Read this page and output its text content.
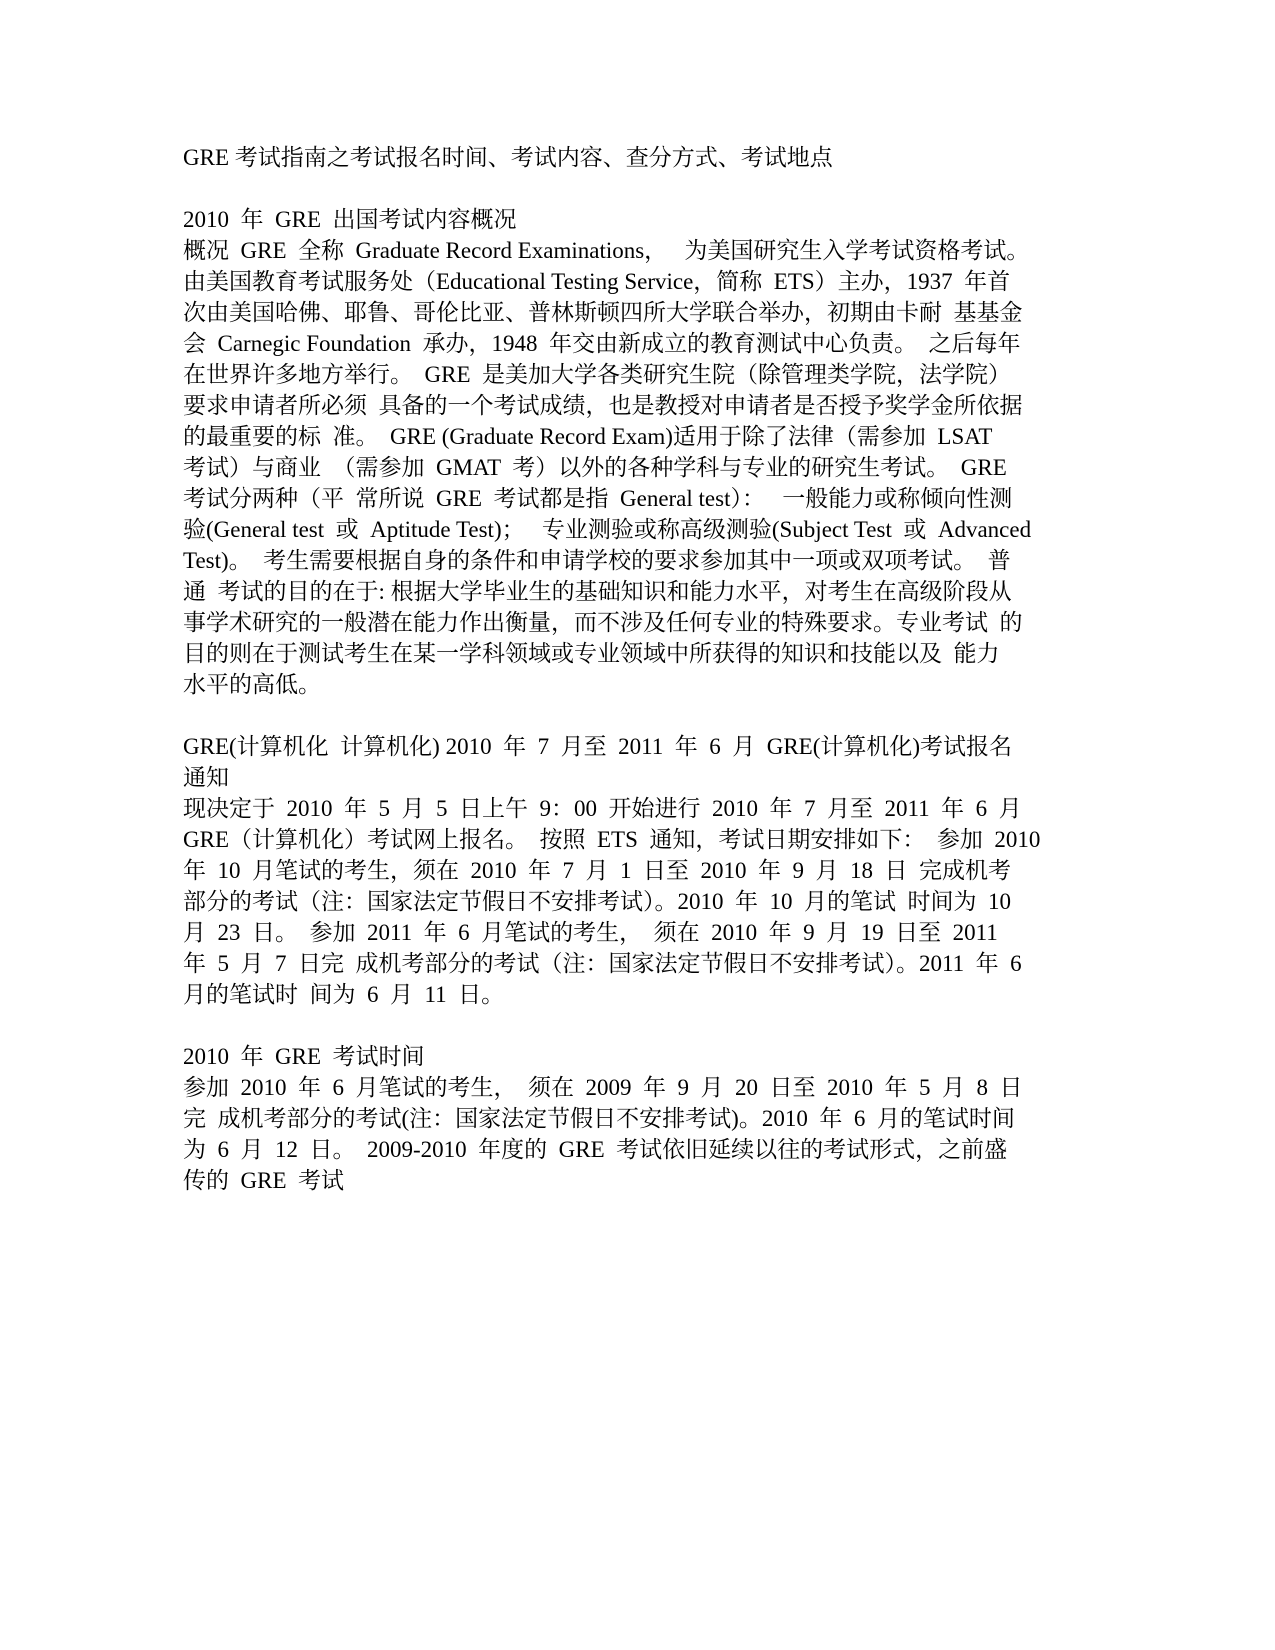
GRE 考试指南之考试报名时间、考试内容、查分方式、考试地点
2010  年  GRE  出国考试内容概况
概况  GRE  全称  Graduate Record Examinations，   为美国研究生入学考试资格考试。
由美国教育考试服务处（Educational Testing Service，简称  ETS）主办，1937  年首
次由美国哈佛、耶鲁、哥伦比亚、普林斯顿四所大学联合举办，初期由卡耐  基基金
会  Carnegic Foundation  承办，1948  年交由新成立的教育测试中心负责。  之后每年
在世界许多地方举行。  GRE  是美加大学各类研究生院（除管理类学院，法学院）
要求申请者所必须  具备的一个考试成绩，也是教授对申请者是否授予奖学金所依据
的最重要的标  准。  GRE (Graduate Record Exam)适用于除了法律（需参加  LSAT
考试）与商业  （需参加  GMAT  考）以外的各种学科与专业的研究生考试。  GRE
考试分两种（平  常所说  GRE  考试都是指  General test）：   一般能力或称倾向性测
验(General test  或  Aptitude Test)；   专业测验或称高级测验(Subject Test  或  Advanced
Test)。  考生需要根据自身的条件和申请学校的要求参加其中一项或双项考试。  普
通  考试的目的在于: 根据大学毕业生的基础知识和能力水平，对考生在高级阶段从
事学术研究的一般潜在能力作出衡量，而不涉及任何专业的特殊要求。专业考试  的
目的则在于测试考生在某一学科领域或专业领域中所获得的知识和技能以及  能力
水平的高低。
GRE(计算机化  计算机化) 2010  年  7  月至  2011  年  6  月  GRE(计算机化)考试报名
通知
现决定于  2010  年  5  月  5  日上午  9：00  开始进行  2010  年  7  月至  2011  年  6  月
GRE（计算机化）考试网上报名。  按照  ETS  通知，考试日期安排如下：  参加  2010
年  10  月笔试的考生，须在  2010  年  7  月  1  日至  2010  年  9  月  18  日  完成机考
部分的考试（注：国家法定节假日不安排考试）。2010  年  10  月的笔试  时间为  10
月  23  日。  参加  2011  年  6  月笔试的考生，  须在  2010  年  9  月  19  日至  2011
年  5  月  7  日完  成机考部分的考试（注：国家法定节假日不安排考试）。2011  年  6
月的笔试时  间为  6  月  11  日。
2010  年  GRE  考试时间
参加  2010  年  6  月笔试的考生，  须在  2009  年  9  月  20  日至  2010  年  5  月  8  日
完  成机考部分的考试(注：国家法定节假日不安排考试)。2010  年  6  月的笔试时间
为  6  月  12  日。  2009-2010  年度的  GRE  考试依旧延续以往的考试形式，之前盛
传的  GRE  考试
